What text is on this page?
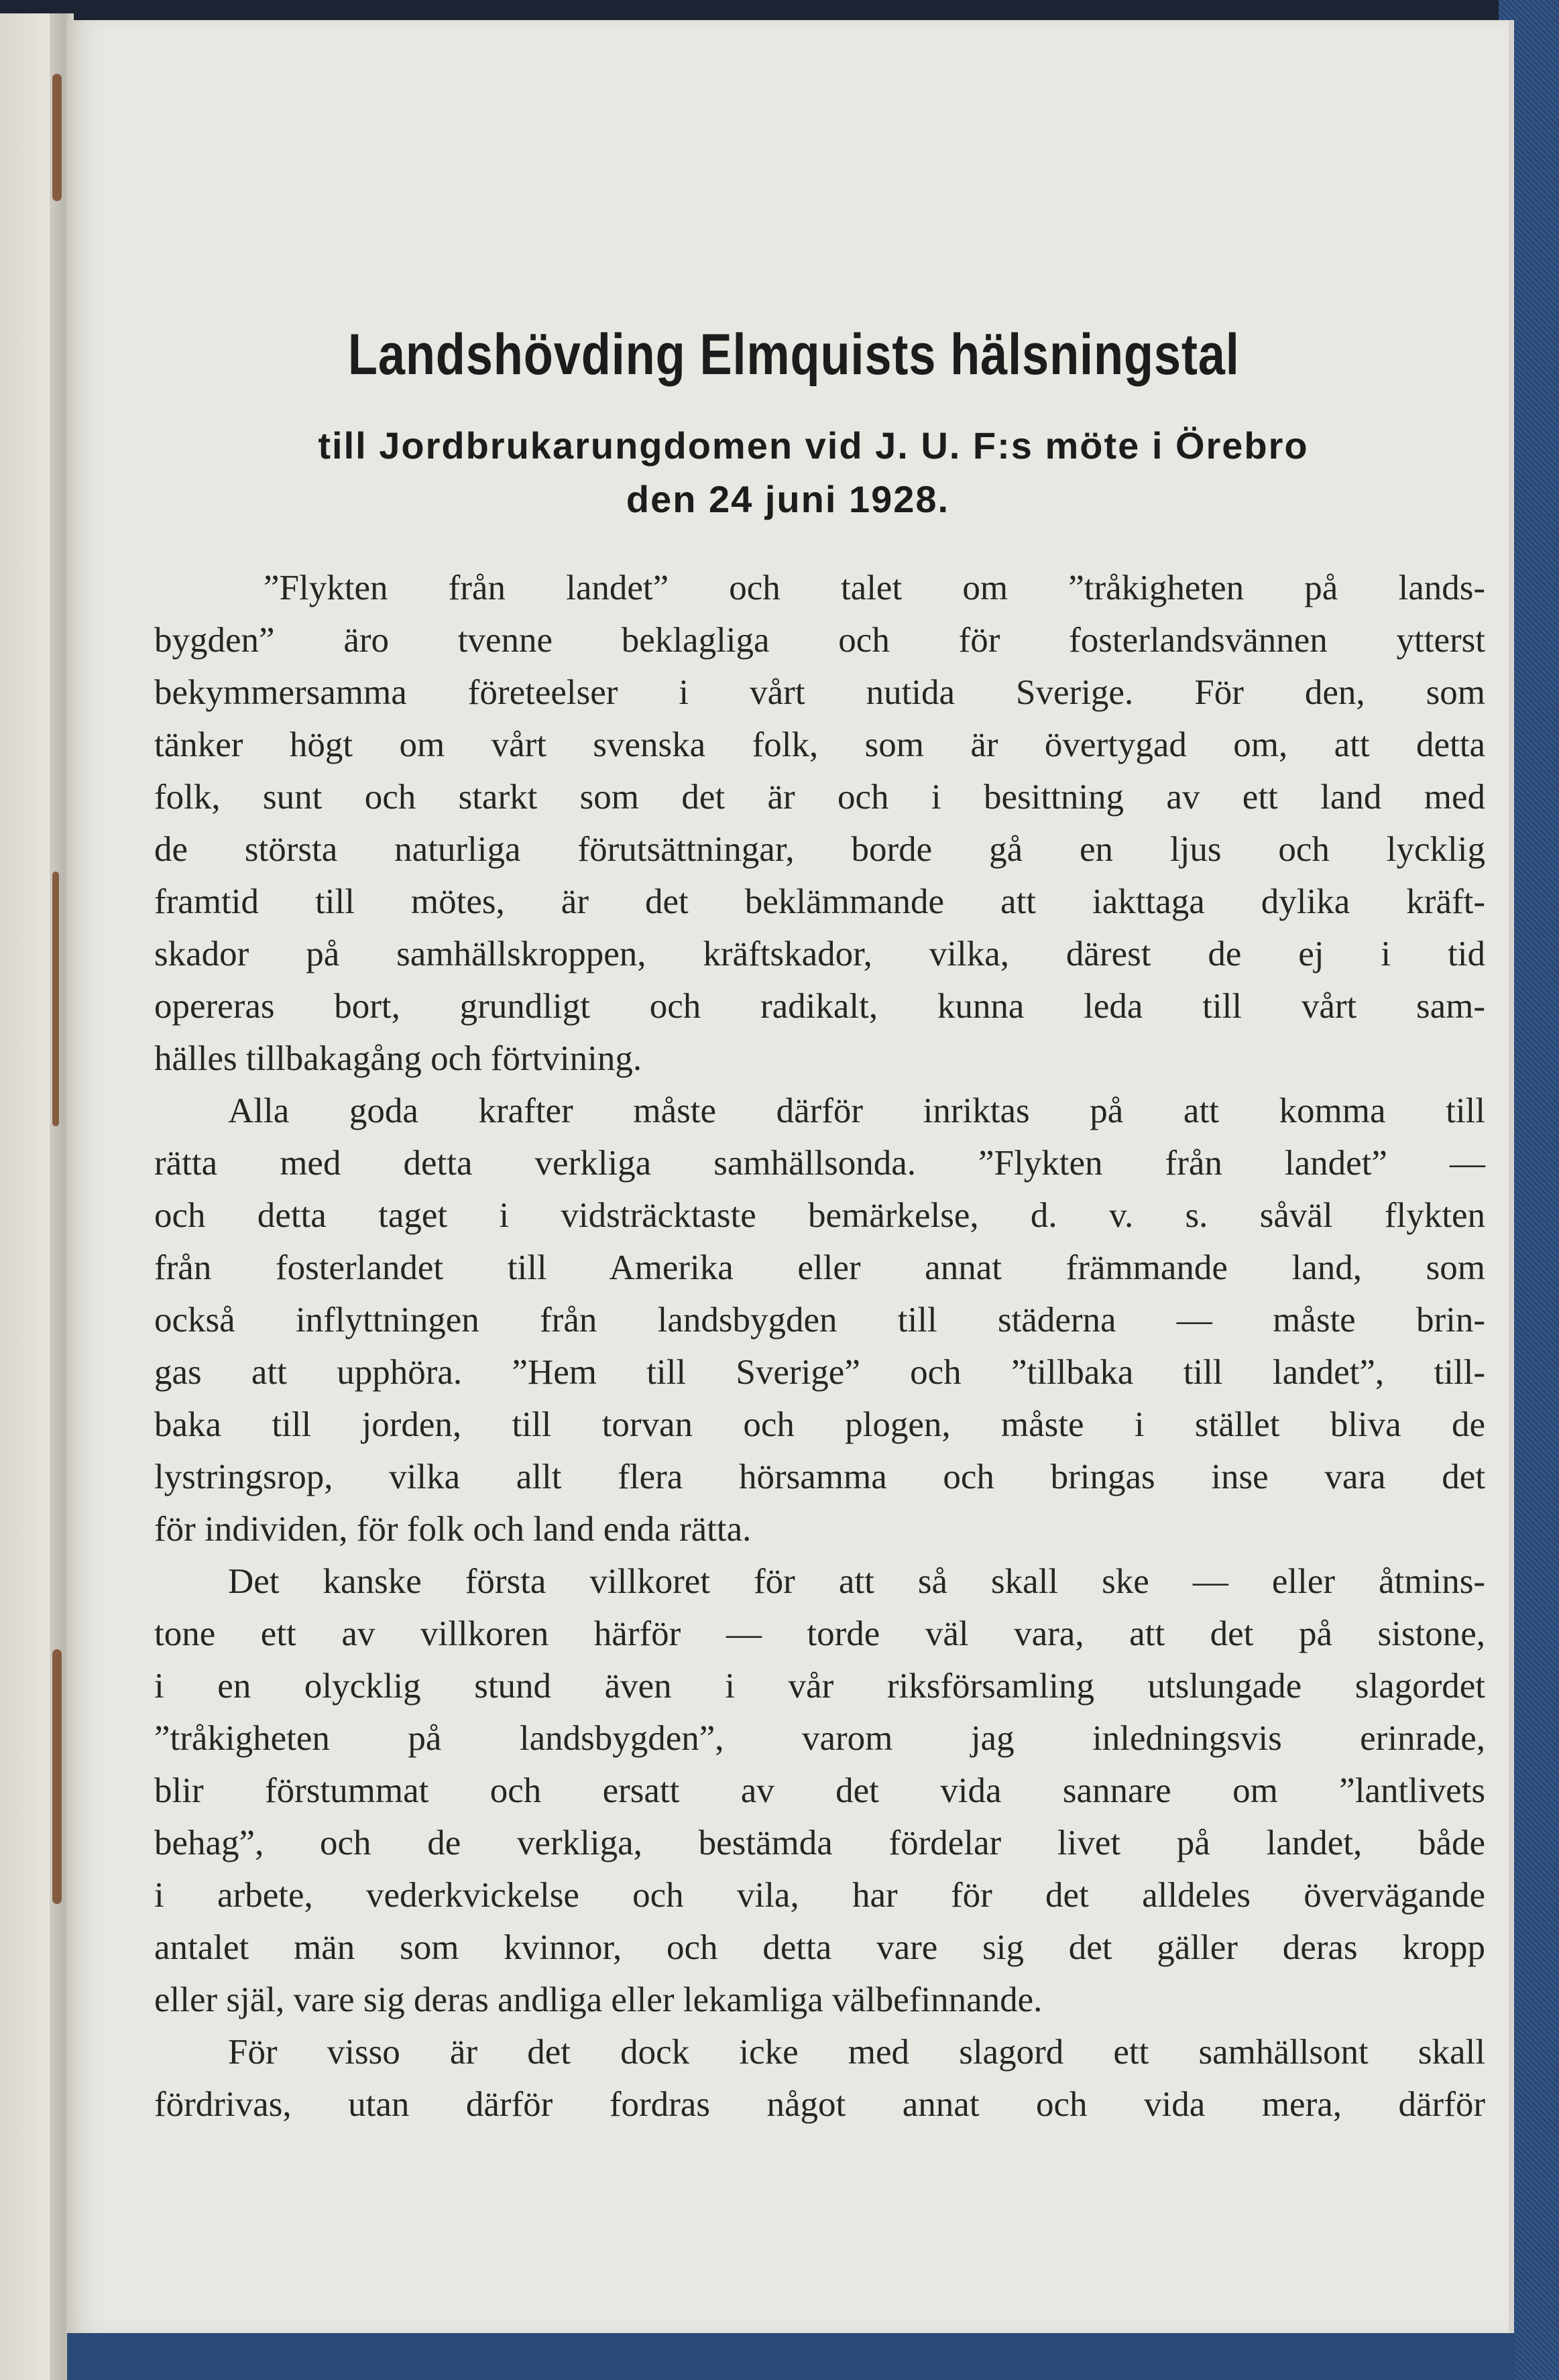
Landshövding Elmquists hälsningstal
till Jordbrukarungdomen vid J. U. F:s möte i Örebro
den 24 juni 1928.
”Flykten från landet” och talet om ”tråkigheten på lands-
bygden” äro tvenne beklagliga och för fosterlandsvännen ytterst
bekymmersamma företeelser i vårt nutida Sverige. För den, som
tänker högt om vårt svenska folk, som är övertygad om, att detta
folk, sunt och starkt som det är och i besittning av ett land med
de största naturliga förutsättningar, borde gå en ljus och lycklig
framtid till mötes, är det beklämmande att iakttaga dylika kräft-
skador på samhällskroppen, kräftskador, vilka, därest de ej i tid
opereras bort, grundligt och radikalt, kunna leda till vårt sam-
hälles tillbakagång och förtvining.
Alla goda krafter måste därför inriktas på att komma till
rätta med detta verkliga samhällsonda. ”Flykten från landet” —
och detta taget i vidsträcktaste bemärkelse, d. v. s. såväl flykten
från fosterlandet till Amerika eller annat främmande land, som
också inflyttningen från landsbygden till städerna — måste brin-
gas att upphöra. ”Hem till Sverige” och ”tillbaka till landet”, till-
baka till jorden, till torvan och plogen, måste i stället bliva de
lystringsrop, vilka allt flera hörsamma och bringas inse vara det
för individen, för folk och land enda rätta.
Det kanske första villkoret för att så skall ske — eller åtmins-
tone ett av villkoren härför — torde väl vara, att det på sistone,
i en olycklig stund även i vår riksförsamling utslungade slagordet
”tråkigheten på landsbygden”, varom jag inledningsvis erinrade,
blir förstummat och ersatt av det vida sannare om ”lantlivets
behag”, och de verkliga, bestämda fördelar livet på landet, både
i arbete, vederkvickelse och vila, har för det alldeles övervägande
antalet män som kvinnor, och detta vare sig det gäller deras kropp
eller själ, vare sig deras andliga eller lekamliga välbefinnande.
För visso är det dock icke med slagord ett samhällsont skall
fördrivas, utan därför fordras något annat och vida mera, därför
